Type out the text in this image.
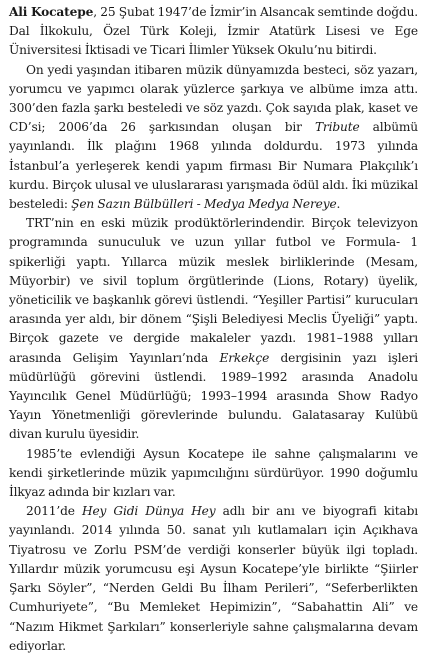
Ali Kocatepe, 25 Şubat 1947’de İzmir’in Alsancak semtinde doğdu. Dal İlkokulu, Özel Türk Koleji, İzmir Atatürk Lisesi ve Ege Üniversitesi İktisadi ve Ticari İlimler Yüksek Okulu’nu bitirdi.

On yedi yaşından itibaren müzik dünyamızda besteci, söz yazarı, yorumcu ve yapımcı olarak yüzlerce şarkıya ve albüme imza attı. 300’den fazla şarkı besteledi ve söz yazdı. Çok sayıda plak, kaset ve CD’si; 2006’da 26 şarkısından oluşan bir Tribute albümü yayınlandı. İlk plağını 1968 yılında doldurdu. 1973 yılında İstanbul’a yerleşerek kendi yapım firması Bir Numara Plakçılık’ı kurdu. Birçok ulusal ve uluslararası yarışmada ödül aldı. İki müzikal besteledi: Şen Sazın Bülbülleri - Medya Medya Nereye.

TRT’nin en eski müzik prodüktörlerindendir. Birçok televizyon programında sunuculuk ve uzun yıllar futbol ve Formula- 1 spikerliği yaptı. Yıllarca müzik meslek birliklerinde (Mesam, Müyorbir) ve sivil toplum örgütlerinde (Lions, Rotary) üyelik, yöneticilik ve başkanlık görevi üstlendi. “Yeşiller Partisi” kurucuları arasında yer aldı, bir dönem “Şişli Belediyesi Meclis Üyeliği” yaptı. Birçok gazete ve dergide makaleler yazdı. 1981–1988 yılları arasında Gelişim Yayınları’nda Erkekçe dergisinin yazı işleri müdürlüğü görevini üstlendi. 1989–1992 arasında Anadolu Yayıncılık Genel Müdürlüğü; 1993–1994 arasında Show Radyo Yayın Yönetmenliği görevlerinde bulundu. Galatasaray Kulübü divan kurulu üyesidir.

1985’te evlendiği Aysun Kocatepe ile sahne çalışmalarını ve kendi şirketlerinde müzik yapımcılığını sürdürüyor. 1990 doğumlu İlkyaz adında bir kızları var.

2011’de Hey Gidi Dünya Hey adlı bir anı ve biyografi kitabı yayınlandı. 2014 yılında 50. sanat yılı kutlamaları için Açıkhava Tiyatrosu ve Zorlu PSM’de verdiği konserler büyük ilgi topladı. Yıllardır müzik yorumcusu eşi Aysun Kocatepe’yle birlikte “Şiirler Şarkı Söyler”, “Nerden Geldi Bu İlham Perileri”, “Seferberlikten Cumhuriyete”, “Bu Memleket Hepimizin”, “Sabahattin Ali” ve “Nazım Hikmet Şarkıları” konserleriyle sahne çalışmalarına devam ediyorlar.
